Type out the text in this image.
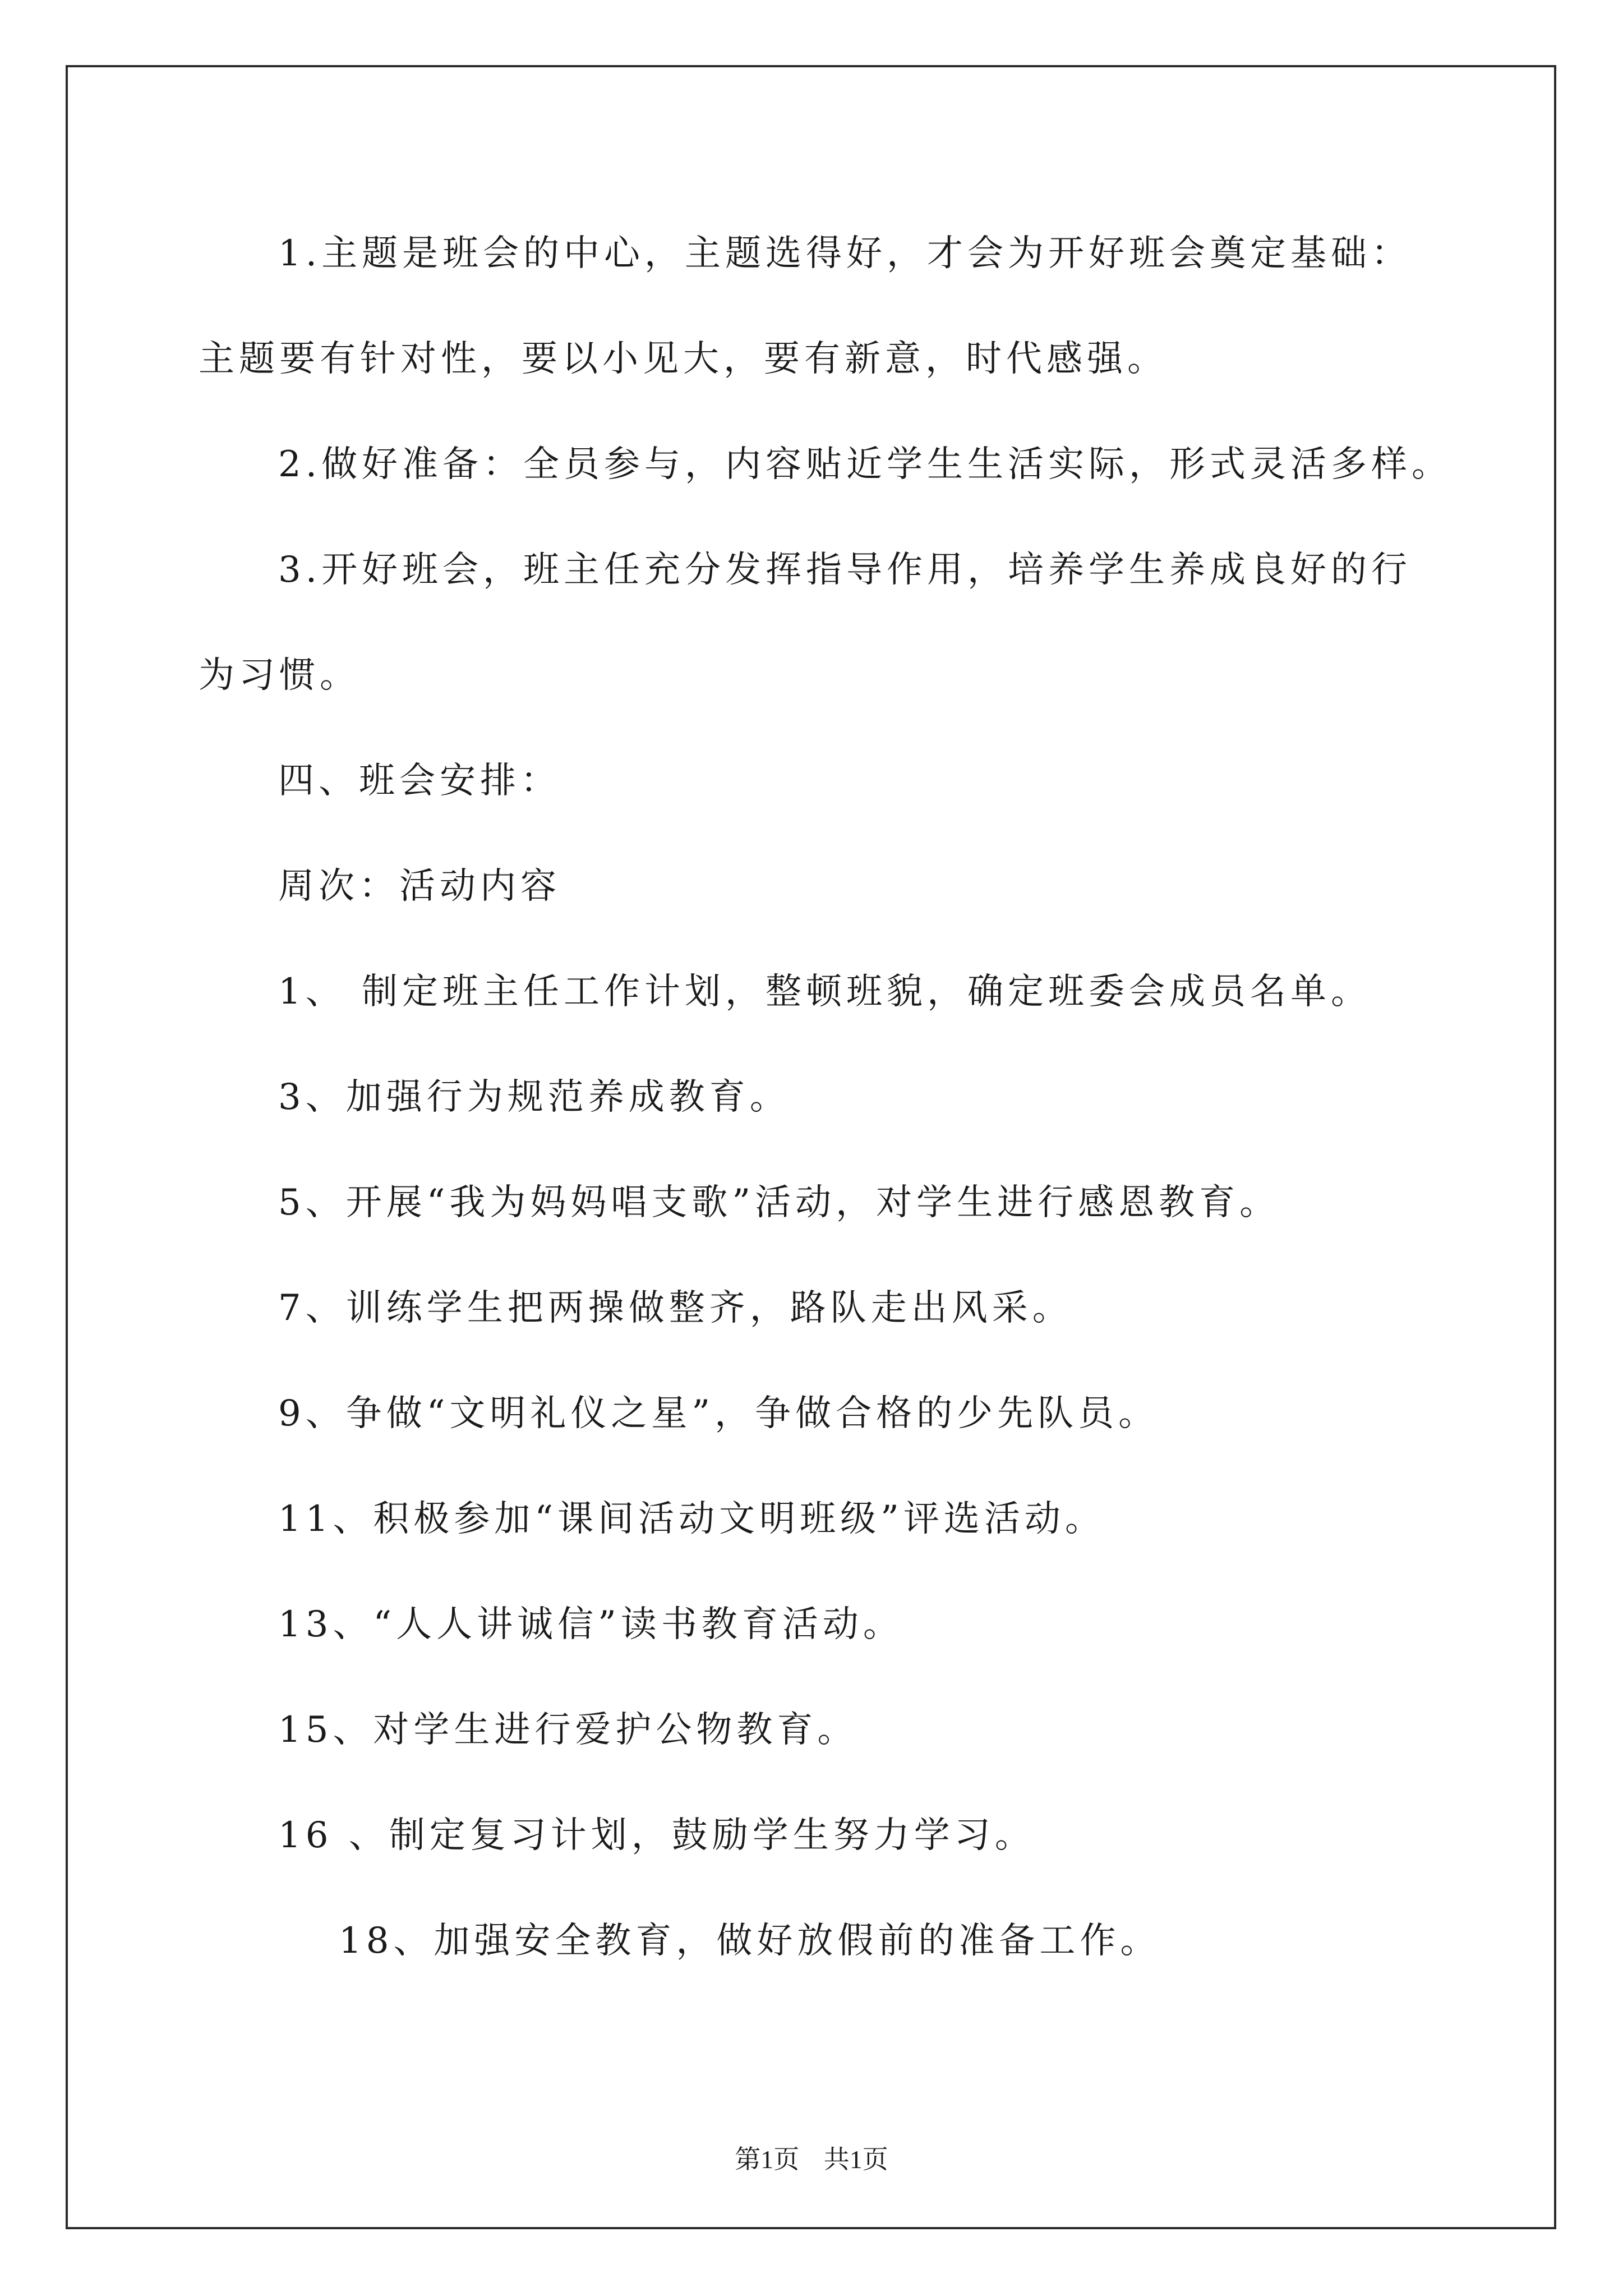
1.主题是班会的中心，主题选得好，才会为开好班会奠定基础：
主题要有针对性，要以小见大，要有新意，时代感强。
2.做好准备：全员参与，内容贴近学生生活实际，形式灵活多样。
3.开好班会，班主任充分发挥指导作用，培养学生养成良好的行
为习惯。
四、班会安排：
周次：活动内容
1、 制定班主任工作计划，整顿班貌，确定班委会成员名单。
3、加强行为规范养成教育。
5、开展“我为妈妈唱支歌”活动，对学生进行感恩教育。
7、训练学生把两操做整齐，路队走出风采。
9、争做“文明礼仪之星”，争做合格的少先队员。
11、积极参加“课间活动文明班级”评选活动。
13、“人人讲诚信”读书教育活动。
15、对学生进行爱护公物教育。
16 、制定复习计划，鼓励学生努力学习。
18、加强安全教育，做好放假前的准备工作。
第1页 共1页
